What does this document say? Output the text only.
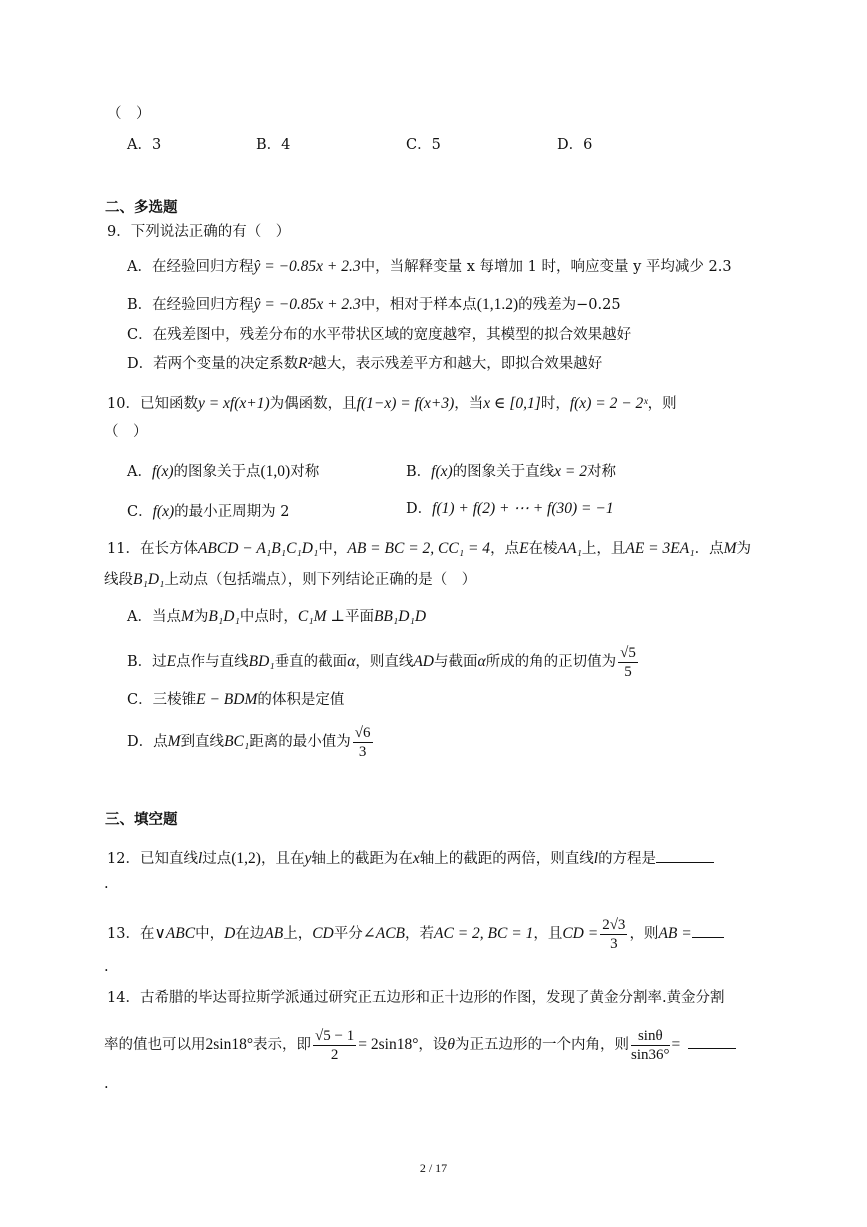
（　）
A．3	B．4	C．5	D．6
二、多选题
9．下列说法正确的有（　）
A．在经验回归方程ŷ = −0.85x + 2.3中，当解释变量 x 每增加 1 时，响应变量 y 平均减少 2.3
B．在经验回归方程ŷ = −0.85x + 2.3中，相对于样本点(1,1.2)的残差为−0.25
C．在残差图中，残差分布的水平带状区域的宽度越窄，其模型的拟合效果越好
D．若两个变量的决定系数R²越大，表示残差平方和越大，即拟合效果越好
10．已知函数y = xf(x+1)为偶函数，且f(1−x) = f(x+3)，当x ∈ [0,1]时，f(x) = 2 − 2ˣ，则
（　）
A．f(x)的图象关于点(1,0)对称	B．f(x)的图象关于直线x = 2对称
C．f(x)的最小正周期为 2	D．f(1) + f(2) + ⋯ + f(30) = −1
11．在长方体ABCD − A₁B₁C₁D₁中，AB = BC = 2, CC₁ = 4，点E在棱AA₁上，且AE = 3EA₁．点M为
线段B₁D₁上动点（包括端点），则下列结论正确的是（　）
A．当点M为B₁D₁中点时，C₁M ⊥平面BB₁D₁D
B．过E点作与直线BD₁垂直的截面α，则直线AD与截面α所成的角的正切值为 $\frac{√5}{5}$
C．三棱锥E − BDM的体积是定值
D．点M到直线BC₁距离的最小值为 $\frac{√6}{3}$
三、填空题
12．已知直线l过点(1,2)，且在y轴上的截距为在x轴上的截距的两倍，则直线l的方程是
.
13．在∨ABC中，D在边AB上，CD平分∠ACB，若AC = 2, BC = 1，且CD = $\frac{2√3}{3}$ ，则AB =
.
14．古希腊的毕达哥拉斯学派通过研究正五边形和正十边形的作图，发现了黄金分割率.黄金分割
率的值也可以用2sin18°表示，即 $\frac{√5 - 1}{2} = 2\sin 18^\circ$，设θ为正五边形的一个内角，则 $\frac{\sin\theta}{\sin 36^\circ}$ =
.
2 / 17
